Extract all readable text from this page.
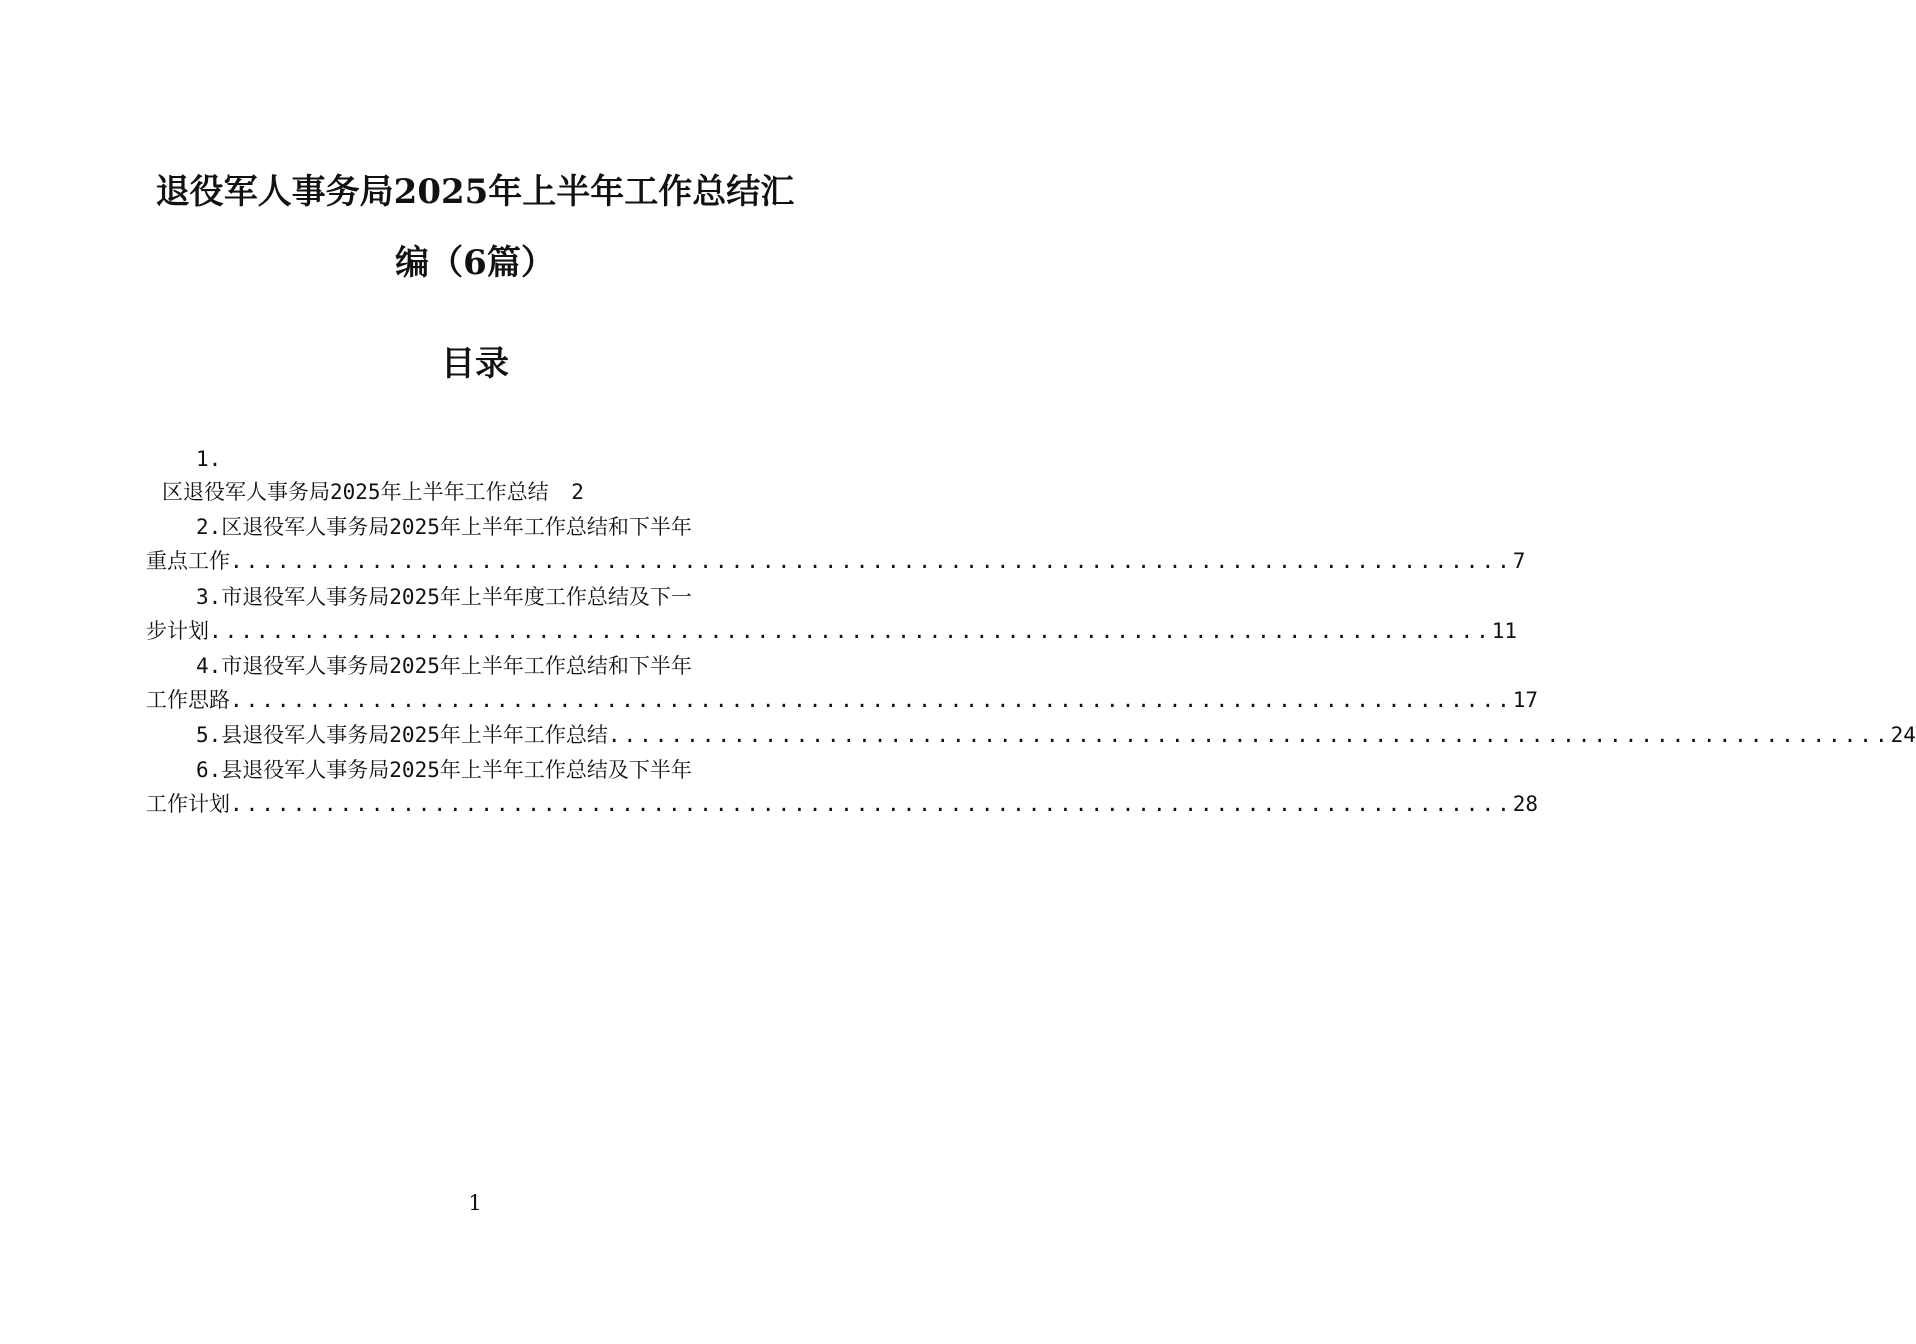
退役军人事务局2025年上半年工作总结汇
编（6篇）
目录
1.
区退役军人事务局2025年上半年工作总结 2
2.区退役军人事务局2025年上半年工作总结和下半年
重点工作 .................................................................................. 7
3.市退役军人事务局2025年上半年度工作总结及下一
步计划 .................................................................................. 11
4.市退役军人事务局2025年上半年工作总结和下半年
工作思路 .................................................................................. 17
5.县退役军人事务局2025年上半年工作总结 .................................................................................. 24
6.县退役军人事务局2025年上半年工作总结及下半年
工作计划 .................................................................................. 28
1
